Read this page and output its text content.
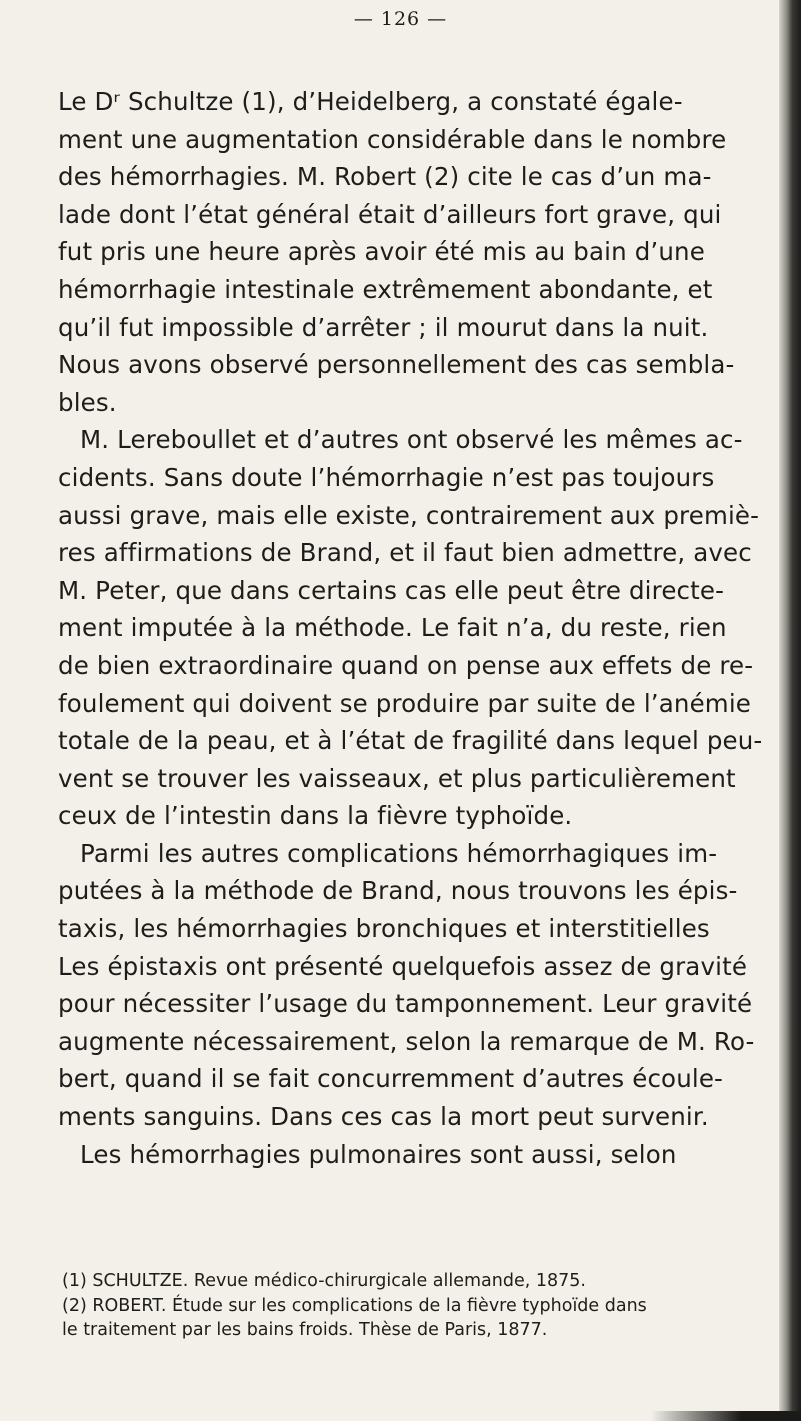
— 126 —
Le Dʳ Schultze (1), d’Heidelberg, a constaté égale-
ment une augmentation considérable dans le nombre
des hémorrhagies. M. Robert (2) cite le cas d’un ma-
lade dont l’état général était d’ailleurs fort grave, qui
fut pris une heure après avoir été mis au bain d’une
hémorrhagie intestinale extrêmement abondante, et
qu’il fut impossible d’arrêter ; il mourut dans la nuit.
Nous avons observé personnellement des cas sembla-
bles.
M. Lereboullet et d’autres ont observé les mêmes ac-
cidents. Sans doute l’hémorrhagie n’est pas toujours
aussi grave, mais elle existe, contrairement aux premiè-
res affirmations de Brand, et il faut bien admettre, avec
M. Peter, que dans certains cas elle peut être directe-
ment imputée à la méthode. Le fait n’a, du reste, rien
de bien extraordinaire quand on pense aux effets de re-
foulement qui doivent se produire par suite de l’anémie
totale de la peau, et à l’état de fragilité dans lequel peu-
vent se trouver les vaisseaux, et plus particulièrement
ceux de l’intestin dans la fièvre typhoïde.
Parmi les autres complications hémorrhagiques im-
putées à la méthode de Brand, nous trouvons les épis-
taxis, les hémorrhagies bronchiques et interstitielles
Les épistaxis ont présenté quelquefois assez de gravité
pour nécessiter l’usage du tamponnement. Leur gravité
augmente nécessairement, selon la remarque de M. Ro-
bert, quand il se fait concurremment d’autres écoule-
ments sanguins. Dans ces cas la mort peut survenir.
Les hémorrhagies pulmonaires sont aussi, selon
(1) SCHULTZE. Revue médico-chirurgicale allemande, 1875.
(2) ROBERT. Étude sur les complications de la fièvre typhoïde dans
le traitement par les bains froids. Thèse de Paris, 1877.
